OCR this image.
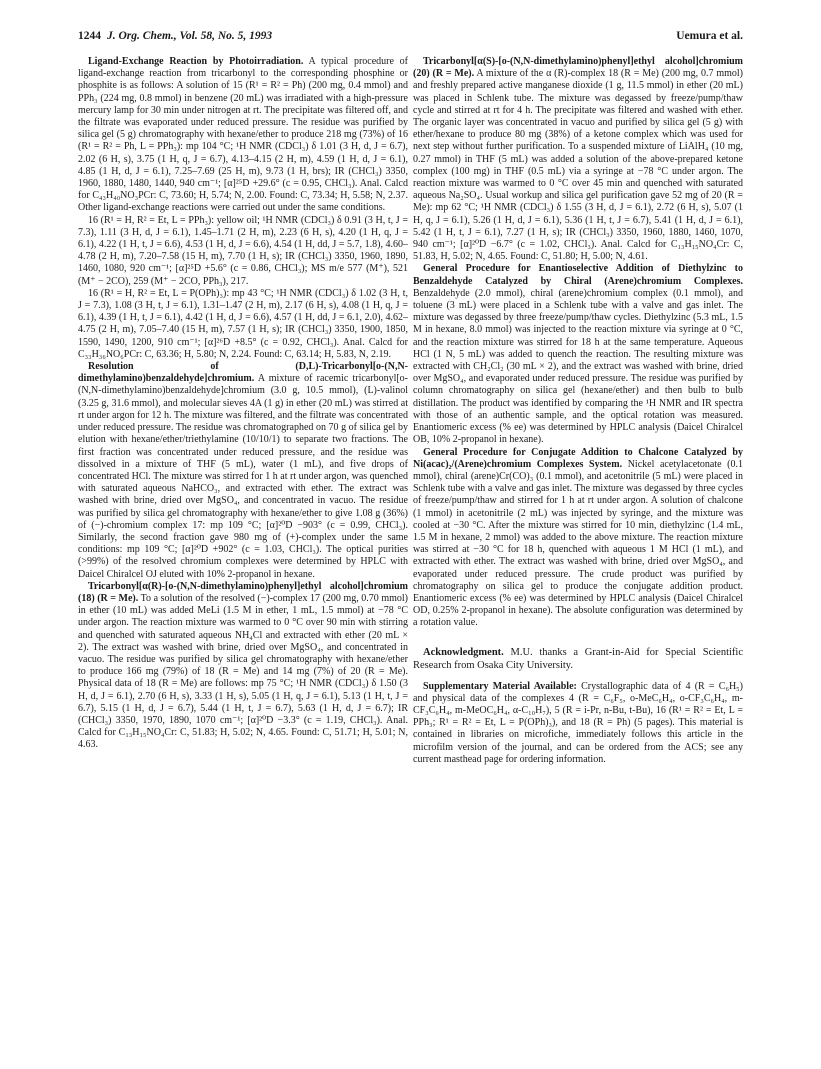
1244 J. Org. Chem., Vol. 58, No. 5, 1993	Uemura et al.

Ligand-Exchange Reaction by Photoirradiation. A typical procedure of ligand-exchange reaction from tricarbonyl to the corresponding phosphine or phosphite is as follows: A solution of 15 (R¹ = R² = Ph) (200 mg, 0.4 mmol) and PPh₃ (224 mg, 0.8 mmol) in benzene (20 mL) was irradiated with a high-pressure mercury lamp for 30 min under nitrogen at rt. The precipitate was filtered off, and the filtrate was evaporated under reduced pressure. The residue was purified by silica gel (5 g) chromatography with hexane/ether to produce 218 mg (73%) of 16 (R¹ = R² = Ph, L = PPh₃): mp 104 °C; ¹H NMR (CDCl₃) δ 1.01 (3 H, d, J = 6.7), 2.02 (6 H, s), 3.75 (1 H, q, J = 6.7), 4.13–4.15 (2 H, m), 4.59 (1 H, d, J = 6.1), 4.85 (1 H, d, J = 6.1), 7.25–7.69 (25 H, m), 9.73 (1 H, brs); IR (CHCl₃) 3350, 1960, 1880, 1480, 1440, 940 cm⁻¹; [α]²⁵D +29.6° (c = 0.95, CHCl₃). Anal. Calcd for C₄₃H₄₀NO₃PCr: C, 73.60; H, 5.74; N, 2.00. Found: C, 73.34; H, 5.58; N, 2.37. Other ligand-exchange reactions were carried out under the same conditions.

16 (R¹ = H, R² = Et, L = PPh₃): yellow oil; ¹H NMR (CDCl₃) δ 0.91 (3 H, t, J = 7.3), 1.11 (3 H, d, J = 6.1), 1.45–1.71 (2 H, m), 2.23 (6 H, s), 4.20 (1 H, q, J = 6.1), 4.22 (1 H, t, J = 6.6), 4.53 (1 H, d, J = 6.6), 4.54 (1 H, dd, J = 5.7, 1.8), 4.60–4.78 (2 H, m), 7.20–7.58 (15 H, m), 7.70 (1 H, s); IR (CHCl₃) 3350, 1960, 1890, 1460, 1080, 920 cm⁻¹; [α]²⁵D +5.6° (c = 0.86, CHCl₃); MS m/e 577 (M⁺), 521 (M⁺ − 2CO), 259 (M⁺ − 2CO, PPh₃), 217.

16 (R¹ = H, R² = Et, L = P(OPh)₃): mp 43 °C; ¹H NMR (CDCl₃) δ 1.02 (3 H, t, J = 7.3), 1.08 (3 H, t, J = 6.1), 1.31–1.47 (2 H, m), 2.17 (6 H, s), 4.08 (1 H, q, J = 6.1), 4.39 (1 H, t, J = 6.1), 4.42 (1 H, d, J = 6.6), 4.57 (1 H, dd, J = 6.1, 2.0), 4.62–4.75 (2 H, m), 7.05–7.40 (15 H, m), 7.57 (1 H, s); IR (CHCl₃) 3350, 1900, 1850, 1590, 1490, 1200, 910 cm⁻¹; [α]²⁶D +8.5° (c = 0.92, CHCl₃). Anal. Calcd for C₃₃H₃₆NO₆PCr: C, 63.36; H, 5.80; N, 2.24. Found: C, 63.14; H, 5.83, N, 2.19.

Resolution of (D,L)-Tricarbonyl[o-(N,N-dimethylamino)benzaldehyde]chromium. A mixture of racemic tricarbonyl[o-(N,N-dimethylamino)benzaldehyde]chromium (3.0 g, 10.5 mmol), (L)-valinol (3.25 g, 31.6 mmol), and molecular sieves 4A (1 g) in ether (20 mL) was stirred at rt under argon for 12 h. The mixture was filtered, and the filtrate was concentrated under reduced pressure. The residue was chromatographed on 70 g of silica gel by elution with hexane/ether/triethylamine (10/10/1) to separate two fractions. The first fraction was concentrated under reduced pressure, and the residue was dissolved in a mixture of THF (5 mL), water (1 mL), and five drops of concentrated HCl. The mixture was stirred for 1 h at rt under argon, was quenched with saturated aqueous NaHCO₃, and extracted with ether. The extract was washed with brine, dried over MgSO₄, and concentrated in vacuo. The residue was purified by silica gel chromatography with hexane/ether to give 1.08 g (36%) of (−)-chromium complex 17: mp 109 °C; [α]²⁰D −903° (c = 0.99, CHCl₃). Similarly, the second fraction gave 980 mg of (+)-complex under the same conditions: mp 109 °C; [α]²⁰D +902° (c = 1.03, CHCl₃). The optical purities (>99%) of the resolved chromium complexes were determined by HPLC with Daicel Chiralcel OJ eluted with 10% 2-propanol in hexane.

Tricarbonyl[α(R)-[o-(N,N-dimethylamino)phenyl]ethyl alcohol]chromium (18) (R = Me). To a solution of the resolved (−)-complex 17 (200 mg, 0.70 mmol) in ether (10 mL) was added MeLi (1.5 M in ether, 1 mL, 1.5 mmol) at −78 °C under argon. The reaction mixture was warmed to 0 °C over 90 min with stirring and quenched with saturated aqueous NH₄Cl and extracted with ether (20 mL × 2). The extract was washed with brine, dried over MgSO₄, and concentrated in vacuo. The residue was purified by silica gel chromatography with hexane/ether to produce 166 mg (79%) of 18 (R = Me) and 14 mg (7%) of 20 (R = Me). Physical data of 18 (R = Me) are follows: mp 75 °C; ¹H NMR (CDCl₃) δ 1.50 (3 H, d, J = 6.1), 2.70 (6 H, s), 3.33 (1 H, s), 5.05 (1 H, q, J = 6.1), 5.13 (1 H, t, J = 6.7), 5.15 (1 H, d, J = 6.7), 5.44 (1 H, t, J = 6.7), 5.63 (1 H, d, J = 6.7); IR (CHCl₃) 3350, 1970, 1890, 1070 cm⁻¹; [α]²⁰D −3.3° (c = 1.19, CHCl₃). Anal. Calcd for C₁₃H₁₅NO₄Cr: C, 51.83; H, 5.02; N, 4.65. Found: C, 51.71; H, 5.01; N, 4.63.

Tricarbonyl[α(S)-[o-(N,N-dimethylamino)phenyl]ethyl alcohol]chromium (20) (R = Me). A mixture of the α (R)-complex 18 (R = Me) (200 mg, 0.7 mmol) and freshly prepared active manganese dioxide (1 g, 11.5 mmol) in ether (20 mL) was placed in Schlenk tube. The mixture was degassed by freeze/pump/thaw cycle and stirred at rt for 4 h. The precipitate was filtered and washed with ether. The organic layer was concentrated in vacuo and purified by silica gel (5 g) with ether/hexane to produce 80 mg (38%) of a ketone complex which was used for next step without further purification. To a suspended mixture of LiAlH₄ (10 mg, 0.27 mmol) in THF (5 mL) was added a solution of the above-prepared ketone complex (100 mg) in THF (0.5 mL) via a syringe at −78 °C under argon. The reaction mixture was warmed to 0 °C over 45 min and quenched with saturated aqueous Na₂SO₄. Usual workup and silica gel purification gave 52 mg of 20 (R = Me): mp 62 °C; ¹H NMR (CDCl₃) δ 1.55 (3 H, d, J = 6.1), 2.72 (6 H, s), 5.07 (1 H, q, J = 6.1), 5.26 (1 H, d, J = 6.1), 5.36 (1 H, t, J = 6.7), 5.41 (1 H, d, J = 6.1), 5.42 (1 H, t, J = 6.1), 7.27 (1 H, s); IR (CHCl₃) 3350, 1960, 1880, 1460, 1070, 940 cm⁻¹; [α]²⁰D −6.7° (c = 1.02, CHCl₃). Anal. Calcd for C₁₃H₁₅NO₄Cr: C, 51.83, H, 5.02; N, 4.65. Found: C, 51.80; H, 5.00; N, 4.61.

General Procedure for Enantioselective Addition of Diethylzinc to Benzaldehyde Catalyzed by Chiral (Arene)chromium Complexes. Benzaldehyde (2.0 mmol), chiral (arene)chromium complex (0.1 mmol), and toluene (3 mL) were placed in a Schlenk tube with a valve and gas inlet. The mixture was degassed by three freeze/pump/thaw cycles. Diethylzinc (5.3 mL, 1.5 M in hexane, 8.0 mmol) was injected to the reaction mixture via syringe at 0 °C, and the reaction mixture was stirred for 18 h at the same temperature. Aqueous HCl (1 N, 5 mL) was added to quench the reaction. The resulting mixture was extracted with CH₂Cl₂ (30 mL × 2), and the extract was washed with brine, dried over MgSO₄, and evaporated under reduced pressure. The residue was purified by column chromatography on silica gel (hexane/ether) and then bulb to bulb distillation. The product was identified by comparing the ¹H NMR and IR spectra with those of an authentic sample, and the optical rotation was measured. Enantiomeric excess (% ee) was determined by HPLC analysis (Daicel Chiralcel OB, 10% 2-propanol in hexane).

General Procedure for Conjugate Addition to Chalcone Catalyzed by Ni(acac)₂/(Arene)chromium Complexes System. Nickel acetylacetonate (0.1 mmol), chiral (arene)Cr(CO)₃ (0.1 mmol), and acetonitrile (5 mL) were placed in Schlenk tube with a valve and gas inlet. The mixture was degassed by three cycles of freeze/pump/thaw and stirred for 1 h at rt under argon. A solution of chalcone (1 mmol) in acetonitrile (2 mL) was injected by syringe, and the mixture was cooled at −30 °C. After the mixture was stirred for 10 min, diethylzinc (1.4 mL, 1.5 M in hexane, 2 mmol) was added to the above mixture. The reaction mixture was stirred at −30 °C for 18 h, quenched with aqueous 1 M HCl (1 mL), and extracted with ether. The extract was washed with brine, dried over MgSO₄, and evaporated under reduced pressure. The crude product was purified by chromatography on silica gel to produce the conjugate addition product. Enantiomeric excess (% ee) was determined by HPLC analysis (Daicel Chiralcel OD, 0.25% 2-propanol in hexane). The absolute configuration was determined by a rotation value.

Acknowledgment. M.U. thanks a Grant-in-Aid for Special Scientific Research from Osaka City University.

Supplementary Material Available: Crystallographic data of 4 (R = C₆H₅) and physical data of the complexes 4 (R = C₆F₅, o-MeC₆H₄, o-CF₃C₆H₄, m-CF₃C₆H₄, m-MeOC₆H₄, α-C₁₀H₇), 5 (R = i-Pr, n-Bu, t-Bu), 16 (R¹ = R² = Et, L = PPh₃; R¹ = R² = Et, L = P(OPh)₃), and 18 (R = Ph) (5 pages). This material is contained in libraries on microfiche, immediately follows this article in the microfilm version of the journal, and can be ordered from the ACS; see any current masthead page for ordering information.
